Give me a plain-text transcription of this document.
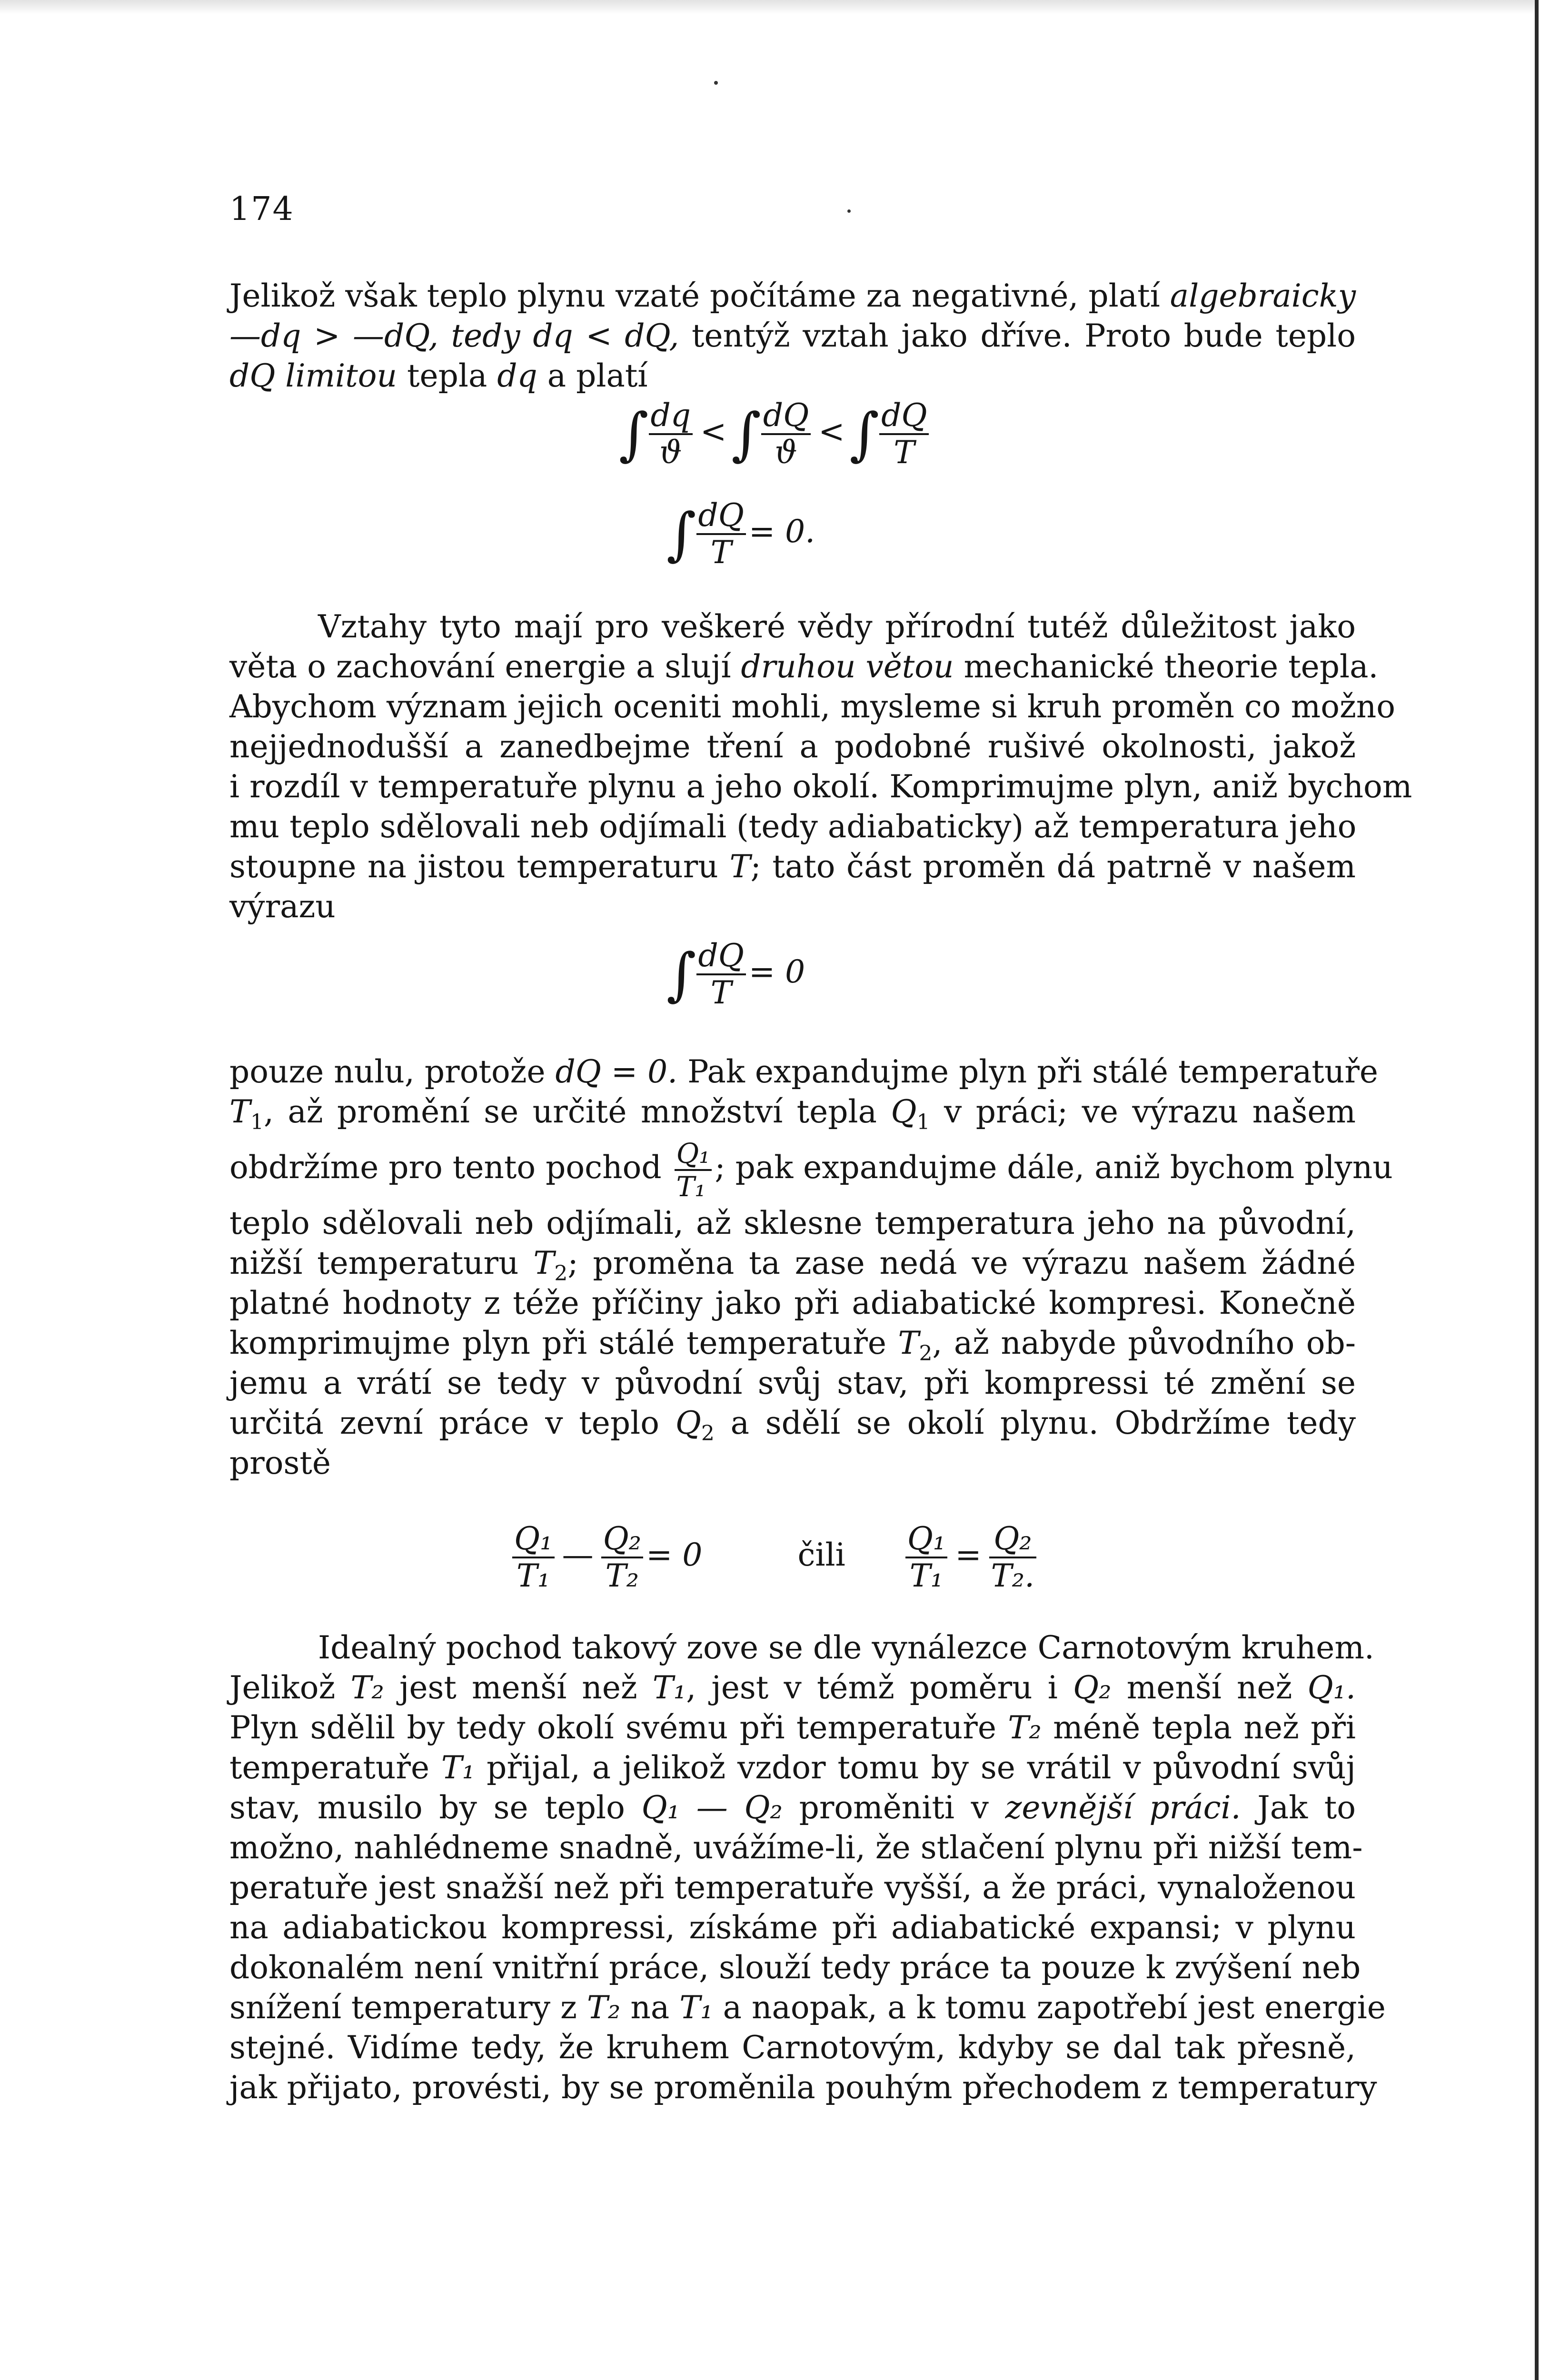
174
Jelikož však teplo plynu vzaté počítáme za negativné, platí algebraicky
—dq > —dQ, tedy dq < dQ, tentýž vztah jako dříve. Proto bude teplo
dQ limitou tepla dq a platí
∫ $\frac{dq}{ϑ}$ <∫ $\frac{dQ}{ϑ}$ <∫ $\frac{dQ}{T}$
∫ $\frac{dQ}{T} = 0$.
Vztahy tyto mají pro veškeré vědy přírodní tutéž důležitost jako
věta o zachování energie a slují druhou větou mechanické theorie tepla.
Abychom význam jejich oceniti mohli, mysleme si kruh proměn co možno
nejjednodušší a zanedbejme tření a podobné rušivé okolnosti, jakož
i rozdíl v temperatuře plynu a jeho okolí. Komprimujme plyn, aniž bychom
mu teplo sdělovali neb odjímali (tedy adiabaticky) až temperatura jeho
stoupne na jistou temperaturu T; tato část proměn dá patrně v našem
výrazu
∫ $\frac{dQ}{T} = 0$
pouze nulu, protože dQ = 0. Pak expandujme plyn při stálé temperatuře
$T_1$, až promění se určité množství tepla $Q_1$ v práci; ve výrazu našem
obdržíme pro tento pochod $\frac{\text{Q₁}}{\text{T₁}}$ ; pak expandujme dále, aniž bychom plynu
teplo sdělovali neb odjímali, až sklesne temperatura jeho na původní,
nižší temperaturu $T_2$; proměna ta zase nedá ve výrazu našem žádné
platné hodnoty z téže příčiny jako při adiabatické kompresi. Konečně
komprimujme plyn při stálé temperatuře $T_2$, až nabyde původního ob-
jemu a vrátí se tedy v původní svůj stav, při kompressi té změní se
určitá zevní práce v teplo $Q_2$ a sdělí se okolí plynu. Obdržíme tedy
prostě
$\frac{\text{Q₁}}{\text{T₁}}$ — $\frac{\text{Q₂}}{\text{T₂}} = 0$	čili $\frac{\text{Q₁}}{\text{T₁}} = \frac{\text{Q₂}}{\text{T₂.}}$
Idealný pochod takový zove se dle vynálezce Carnotovým kruhem.
Jelikož T₂ jest menší než T₁, jest v témž poměru i Q₂ menší než Q₁.
Plyn sdělil by tedy okolí svému při temperatuře T₂ méně tepla než při
temperatuře T₁ přijal, a jelikož vzdor tomu by se vrátil v původní svůj
stav, musilo by se teplo Q₁ — Q₂ proměniti v zevnější práci. Jak to
možno, nahlédneme snadně, uvážíme-li, že stlačení plynu při nižší tem-
peratuře jest snažší než při temperatuře vyšší, a že práci, vynaloženou
na adiabatickou kompressi, získáme při adiabatické expansi; v plynu
dokonalém není vnitřní práce, slouží tedy práce ta pouze k zvýšení neb
snížení temperatury z T₂ na T₁ a naopak, a k tomu zapotřebí jest energie
stejné. Vidíme tedy, že kruhem Carnotovým, kdyby se dal tak přesně,
jak přijato, provésti, by se proměnila pouhým přechodem z temperatury
